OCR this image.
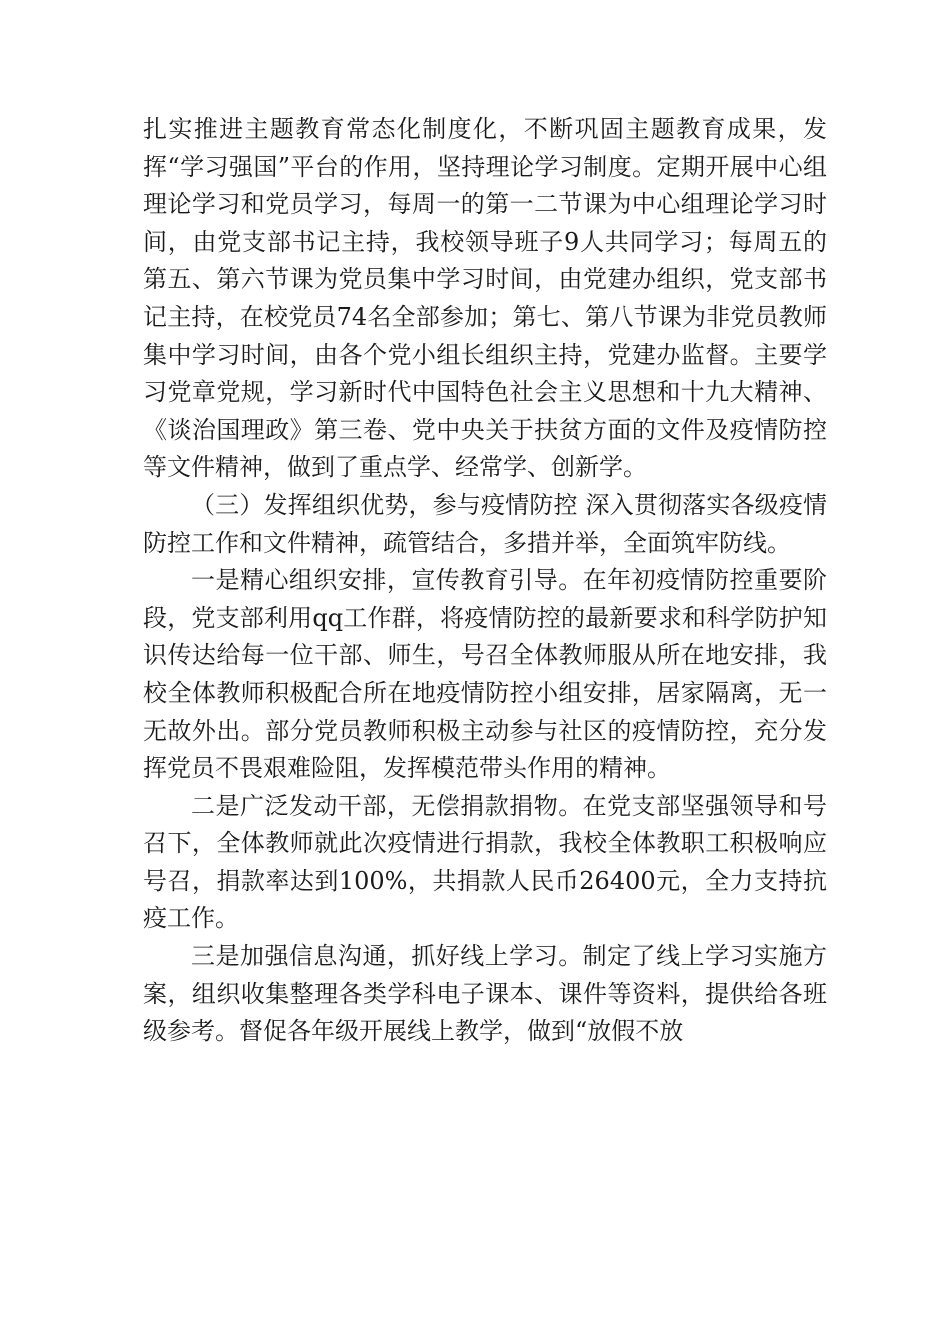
扎实推进主题教育常态化制度化，不断巩固主题教育成果，发挥“学习强国”平台的作用，坚持理论学习制度。定期开展中心组理论学习和党员学习，每周一的第一二节课为中心组理论学习时间，由党支部书记主持，我校领导班子9人共同学习；每周五的第五、第六节课为党员集中学习时间，由党建办组织，党支部书记主持，在校党员74名全部参加；第七、第八节课为非党员教师集中学习时间，由各个党小组长组织主持，党建办监督。主要学习党章党规，学习新时代中国特色社会主义思想和十九大精神、《谈治国理政》第三卷、党中央关于扶贫方面的文件及疫情防控等文件精神，做到了重点学、经常学、创新学。

（三）发挥组织优势，参与疫情防控 深入贯彻落实各级疫情防控工作和文件精神，疏管结合，多措并举，全面筑牢防线。

一是精心组织安排，宣传教育引导。在年初疫情防控重要阶段，党支部利用qq工作群，将疫情防控的最新要求和科学防护知识传达给每一位干部、师生，号召全体教师服从所在地安排，我校全体教师积极配合所在地疫情防控小组安排，居家隔离，无一无故外出。部分党员教师积极主动参与社区的疫情防控，充分发挥党员不畏艰难险阻，发挥模范带头作用的精神。

二是广泛发动干部，无偿捐款捐物。在党支部坚强领导和号召下，全体教师就此次疫情进行捐款，我校全体教职工积极响应号召，捐款率达到100%，共捐款人民币26400元，全力支持抗疫工作。

三是加强信息沟通，抓好线上学习。制定了线上学习实施方案，组织收集整理各类学科电子课本、课件等资料，提供给各班级参考。督促各年级开展线上教学，做到“放假不放
